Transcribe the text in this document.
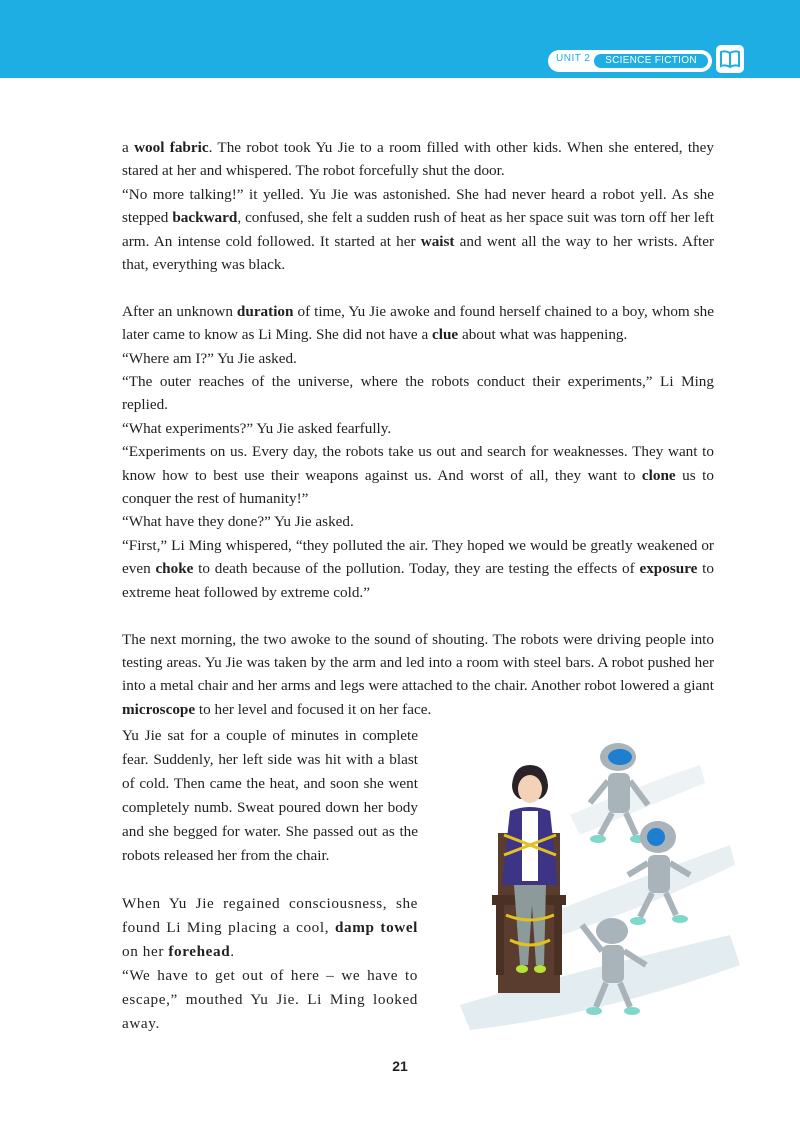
UNIT 2	SCIENCE FICTION

a wool fabric. The robot took Yu Jie to a room filled with other kids. When she entered, they stared at her and whispered. The robot forcefully shut the door.

“No more talking!” it yelled. Yu Jie was astonished. She had never heard a robot yell. As she stepped backward, confused, she felt a sudden rush of heat as her space suit was torn off her left arm. An intense cold followed. It started at her waist and went all the way to her wrists. After that, everything was black.

After an unknown duration of time, Yu Jie awoke and found herself chained to a boy, whom she later came to know as Li Ming. She did not have a clue about what was happening.

“Where am I?” Yu Jie asked.

“The outer reaches of the universe, where the robots conduct their experiments,” Li Ming replied.

“What experiments?” Yu Jie asked fearfully.

“Experiments on us. Every day, the robots take us out and search for weaknesses. They want to know how to best use their weapons against us. And worst of all, they want to clone us to conquer the rest of humanity!”

“What have they done?” Yu Jie asked.

“First,” Li Ming whispered, “they polluted the air. They hoped we would be greatly weakened or even choke to death because of the pollution. Today, they are testing the effects of exposure to extreme heat followed by extreme cold.”

The next morning, the two awoke to the sound of shouting. The robots were driving people into testing areas. Yu Jie was taken by the arm and led into a room with steel bars. A robot pushed her into a metal chair and her arms and legs were attached to the chair. Another robot lowered a giant microscope to her level and focused it on her face.

Yu Jie sat for a couple of minutes in complete fear. Suddenly, her left side was hit with a blast of cold. Then came the heat, and soon she went completely numb. Sweat poured down her body and she begged for water. She passed out as the robots released her from the chair.

When Yu Jie regained consciousness, she found Li Ming placing a cool, damp towel on her forehead.

“We have to get out of here – we have to escape,” mouthed Yu Jie. Li Ming looked away.

21
